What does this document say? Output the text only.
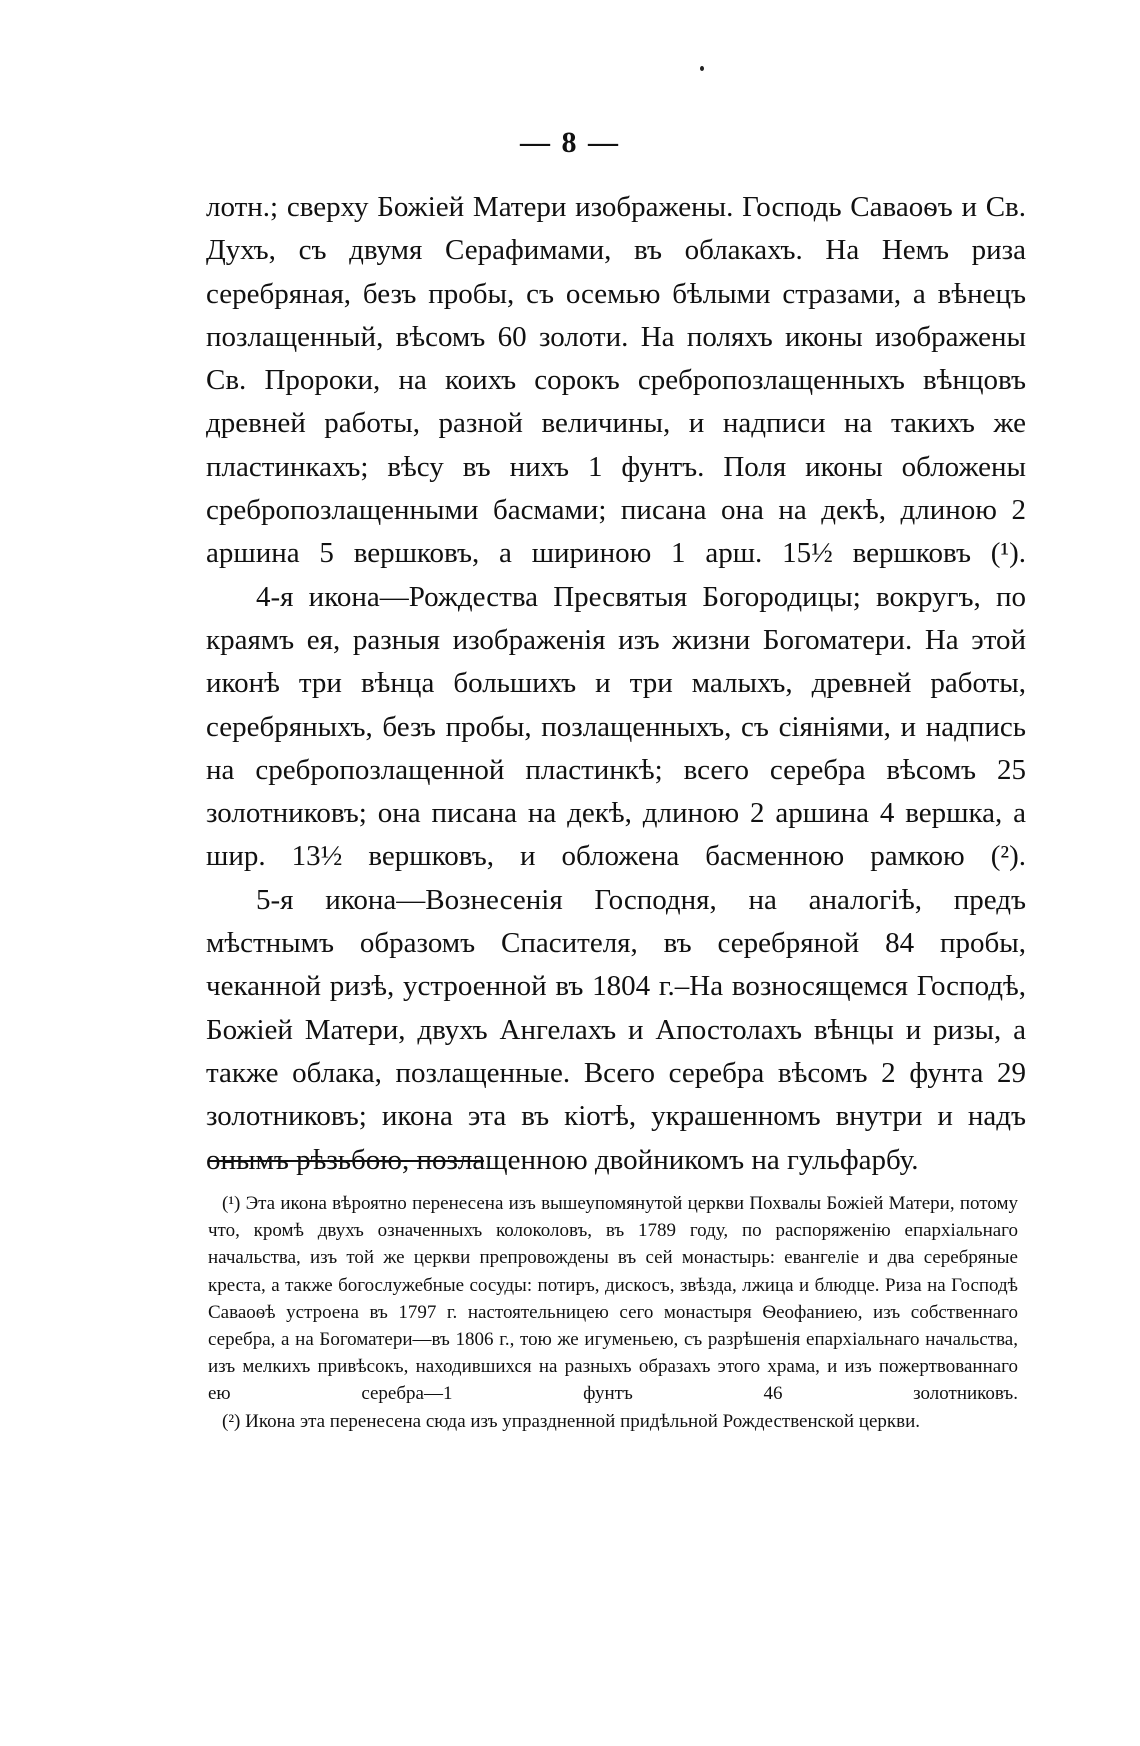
— 8 —

лотн.; сверху Божiей Матери изображены. Господь Саваоѳъ и Св. Духъ, съ двумя Серафимами, въ облакахъ. На Немъ риза серебряная, безъ пробы, съ осемью бѣлыми стразами, а вѣнецъ позлащенный, вѣсомъ 60 золоти. На поляхъ иконы изображены Св. Пророки, на коихъ сорокъ сребропозлащенныхъ вѣнцовъ древней работы, разной величины, и надписи на такихъ же пластинкахъ; вѣсу въ нихъ 1 фунтъ. Поля иконы обложены сребропозлащенными басмами; писана она на декѣ, длиною 2 аршина 5 вершковъ, а шириною 1 арш. 15½ вершковъ (¹).

4-я икона—Рождества Пресвятыя Богородицы; вокругъ, по краямъ ея, разныя изображенiя изъ жизни Богоматери. На этой иконѣ три вѣнца большихъ и три малыхъ, древней работы, серебряныхъ, безъ пробы, позлащенныхъ, съ сiянiями, и надпись на сребропозлащенной пластинкѣ; всего серебра вѣсомъ 25 золотниковъ; она писана на декѣ, длиною 2 аршина 4 вершка, а шир. 13½ вершковъ, и обложена басменною рамкою (²).

5-я икона—Вознесенiя Господня, на аналогiѣ, предъ мѣстнымъ образомъ Спасителя, въ серебряной 84 пробы, чеканной ризѣ, устроенной въ 1804 г.–На возносящемся Господѣ, Божiей Матери, двухъ Ангелахъ и Апостолахъ вѣнцы и ризы, а также облака, позлащенные. Всего серебра вѣсомъ 2 фунта 29 золотниковъ; икона эта въ кiотѣ, украшенномъ внутри и надъ онымъ рѣзьбою, позлащенною двойникомъ на гульфарбу.

(¹) Эта икона вѣроятно перенесена изъ вышеупомянутой церкви Похвалы Божiей Матери, потому что, кромѣ двухъ означенныхъ колоколовъ, въ 1789 году, по распоряженiю епархiальнаго начальства, изъ той же церкви препровождены въ сей монастырь: евангелiе и два серебряные креста, а также богослужебные сосуды: потиръ, дискосъ, звѣзда, лжица и блюдце. Риза на Господѣ Саваоѳѣ устроена въ 1797 г. настоятельницею сего монастыря Ѳеофаниею, изъ собственнаго серебра, а на Богоматери—въ 1806 г., тою же игуменьею, съ разрѣшенiя епархiальнаго начальства, изъ мелкихъ привѣсокъ, находившихся на разныхъ образахъ этого храма, и изъ пожертвованнаго ею серебра—1 фунтъ 46 золотниковъ.

(²) Икона эта перенесена сюда изъ упраздненной придѣльной Рождественской церкви.
